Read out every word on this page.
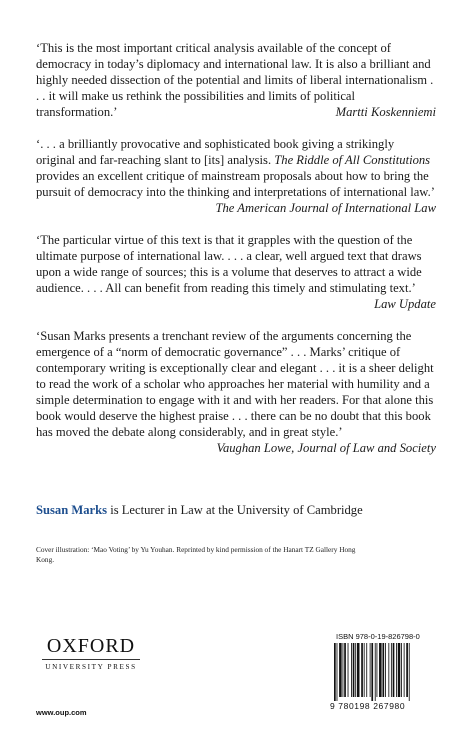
‘This is the most important critical analysis available of the concept of democracy in today’s diplomacy and international law. It is also a brilliant and highly needed dissection of the potential and limits of liberal internationalism . . . it will make us rethink the possibilities and limits of political transformation.’	Martti Koskenniemi
‘. . . a brilliantly provocative and sophisticated book giving a strikingly original and far-reaching slant to [its] analysis. The Riddle of All Constitutions provides an excellent critique of mainstream proposals about how to bring the pursuit of democracy into the thinking and interpretations of international law.’
The American Journal of International Law
‘The particular virtue of this text is that it grapples with the question of the ultimate purpose of international law. . . . a clear, well argued text that draws upon a wide range of sources; this is a volume that deserves to attract a wide audience. . . . All can benefit from reading this timely and stimulating text.’
Law Update
‘Susan Marks presents a trenchant review of the arguments concerning the emergence of a “norm of democratic governance” . . . Marks’ critique of contemporary writing is exceptionally clear and elegant . . . it is a sheer delight to read the work of a scholar who approaches her material with humility and a simple determination to engage with it and with her readers. For that alone this book would deserve the highest praise . . . there can be no doubt that this book has moved the debate along considerably, and in great style.’
Vaughan Lowe, Journal of Law and Society
Susan Marks is Lecturer in Law at the University of Cambridge
Cover illustration: ‘Mao Voting’ by Yu Youhan. Reprinted by kind permission of the Hanart TZ Gallery Hong Kong.
OXFORD
UNIVERSITY PRESS
www.oup.com
ISBN 978-0-19-826798-0
9 780198 267980
